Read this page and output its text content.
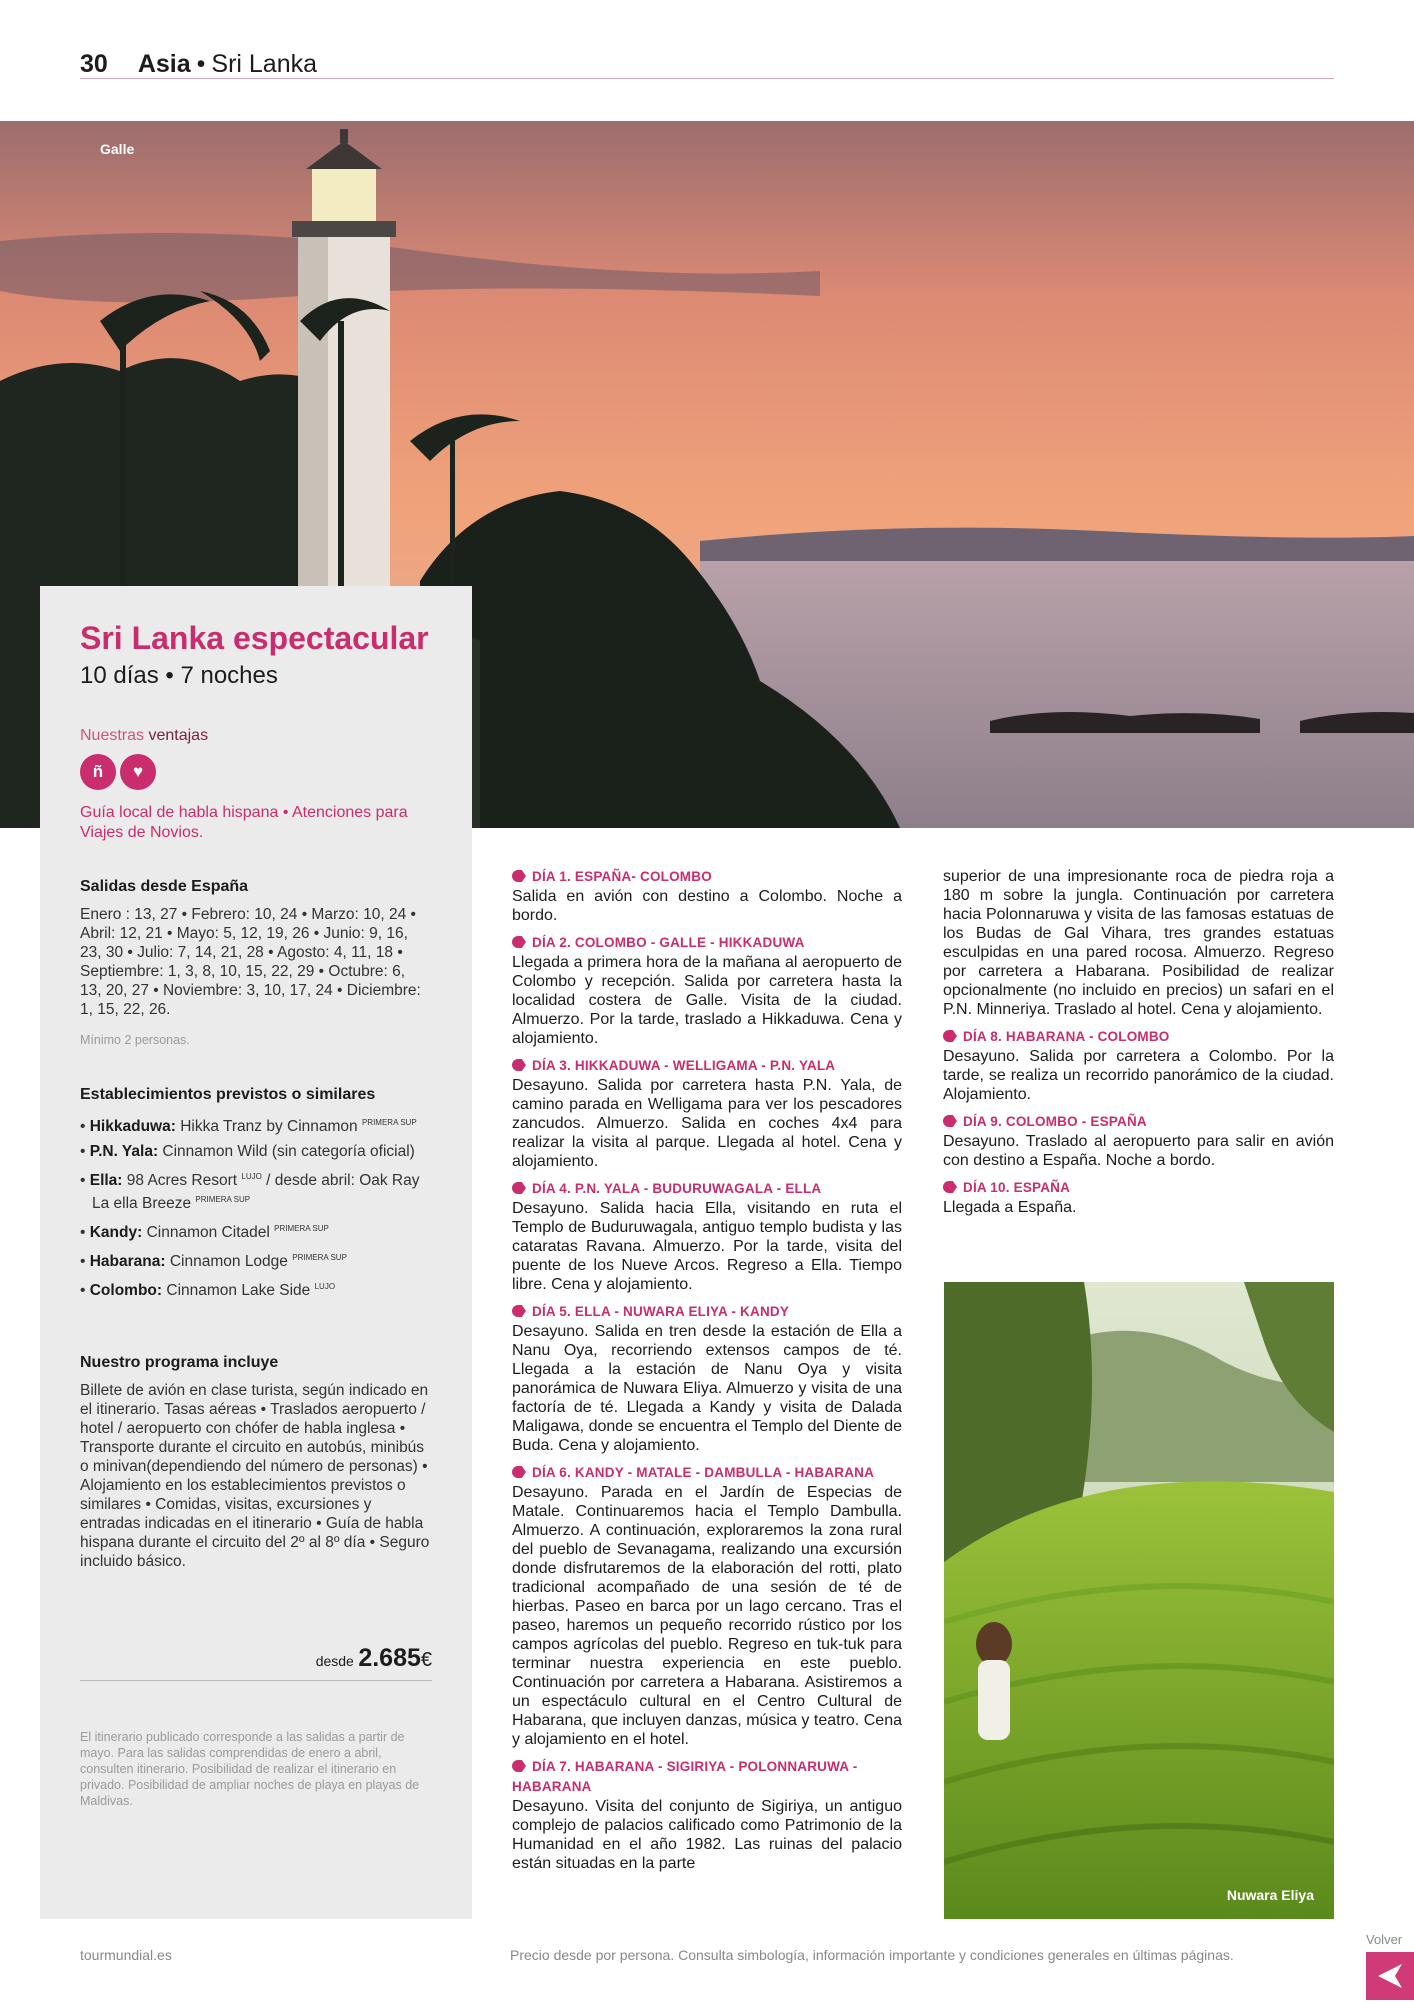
30 Asia • Sri Lanka
Galle
Sri Lanka espectacular
10 días • 7 noches
Nuestras ventajas
ñ ♥
Guía local de habla hispana • Atenciones para Viajes de Novios.
Salidas desde España
Enero : 13, 27 • Febrero: 10, 24 • Marzo: 10, 24 • Abril: 12, 21 • Mayo: 5, 12, 19, 26 • Junio: 9, 16, 23, 30 • Julio: 7, 14, 21, 28 • Agosto: 4, 11, 18 • Septiembre: 1, 3, 8, 10, 15, 22, 29 • Octubre: 6, 13, 20, 27 • Noviembre: 3, 10, 17, 24 • Diciembre: 1, 15, 22, 26.
Mínimo 2 personas.
Establecimientos previstos o similares
• Hikkaduwa: Hikka Tranz by Cinnamon $^{PRIMERA SUP}$
• P.N. Yala: Cinnamon Wild (sin categoría oficial)
• Ella: 98 Acres Resort $^{LUJO}$ / desde abril: Oak Ray La ella Breeze $^{PRIMERA SUP}$
• Kandy: Cinnamon Citadel $^{PRIMERA SUP}$
• Habarana: Cinnamon Lodge $^{PRIMERA SUP}$
• Colombo: Cinnamon Lake Side $^{LUJO}$
Nuestro programa incluye
Billete de avión en clase turista, según indicado en el itinerario. Tasas aéreas • Traslados aeropuerto / hotel / aeropuerto con chófer de habla inglesa • Transporte durante el circuito en autobús, minibús o minivan(dependiendo del número de personas) • Alojamiento en los establecimientos previstos o similares • Comidas, visitas, excursiones y entradas indicadas en el itinerario • Guía de habla hispana durante el circuito del 2º al 8º día • Seguro incluido básico.
desde 2.685€
El itinerario publicado corresponde a las salidas a partir de mayo. Para las salidas comprendidas de enero a abril, consulten itinerario. Posibilidad de realizar el itinerario en privado. Posibilidad de ampliar noches de playa en playas de Maldivas.
DÍA 1. ESPAÑA- COLOMBO
Salida en avión con destino a Colombo. Noche a bordo.
DÍA 2. COLOMBO - GALLE - HIKKADUWA
Llegada a primera hora de la mañana al aeropuerto de Colombo y recepción. Salida por carretera hasta la localidad costera de Galle. Visita de la ciudad. Almuerzo. Por la tarde, traslado a Hikkaduwa. Cena y alojamiento.
DÍA 3. HIKKADUWA - WELLIGAMA - P.N. YALA
Desayuno. Salida por carretera hasta P.N. Yala, de camino parada en Welligama para ver los pescadores zancudos. Almuerzo. Salida en coches 4x4 para realizar la visita al parque. Llegada al hotel. Cena y alojamiento.
DÍA 4. P.N. YALA - BUDURUWAGALA - ELLA
Desayuno. Salida hacia Ella, visitando en ruta el Templo de Buduruwagala, antiguo templo budista y las cataratas Ravana. Almuerzo. Por la tarde, visita del puente de los Nueve Arcos. Regreso a Ella. Tiempo libre. Cena y alojamiento.
DÍA 5. ELLA - NUWARA ELIYA - KANDY
Desayuno. Salida en tren desde la estación de Ella a Nanu Oya, recorriendo extensos campos de té. Llegada a la estación de Nanu Oya y visita panorámica de Nuwara Eliya. Almuerzo y visita de una factoría de té. Llegada a Kandy y visita de Dalada Maligawa, donde se encuentra el Templo del Diente de Buda. Cena y alojamiento.
DÍA 6. KANDY - MATALE - DAMBULLA - HABARANA
Desayuno. Parada en el Jardín de Especias de Matale. Continuaremos hacia el Templo Dambulla. Almuerzo. A continuación, exploraremos la zona rural del pueblo de Sevanagama, realizando una excursión donde disfrutaremos de la elaboración del rotti, plato tradicional acompañado de una sesión de té de hierbas. Paseo en barca por un lago cercano. Tras el paseo, haremos un pequeño recorrido rústico por los campos agrícolas del pueblo. Regreso en tuk-tuk para terminar nuestra experiencia en este pueblo. Continuación por carretera a Habarana. Asistiremos a un espectáculo cultural en el Centro Cultural de Habarana, que incluyen danzas, música y teatro. Cena y alojamiento en el hotel.
DÍA 7. HABARANA - SIGIRIYA - POLONNARUWA - HABARANA
Desayuno. Visita del conjunto de Sigiriya, un antiguo complejo de palacios calificado como Patrimonio de la Humanidad en el año 1982. Las ruinas del palacio están situadas en la parte
superior de una impresionante roca de piedra roja a 180 m sobre la jungla. Continuación por carretera hacia Polonnaruwa y visita de las famosas estatuas de los Budas de Gal Vihara, tres grandes estatuas esculpidas en una pared rocosa. Almuerzo. Regreso por carretera a Habarana. Posibilidad de realizar opcionalmente (no incluido en precios) un safari en el P.N. Minneriya. Traslado al hotel. Cena y alojamiento.
DÍA 8. HABARANA - COLOMBO
Desayuno. Salida por carretera a Colombo. Por la tarde, se realiza un recorrido panorámico de la ciudad. Alojamiento.
DÍA 9. COLOMBO - ESPAÑA
Desayuno. Traslado al aeropuerto para salir en avión con destino a España. Noche a bordo.
DÍA 10. ESPAÑA
Llegada a España.
Nuwara Eliya
tourmundial.es	Precio desde por persona. Consulta simbología, información importante y condiciones generales en últimas páginas.
Volver
